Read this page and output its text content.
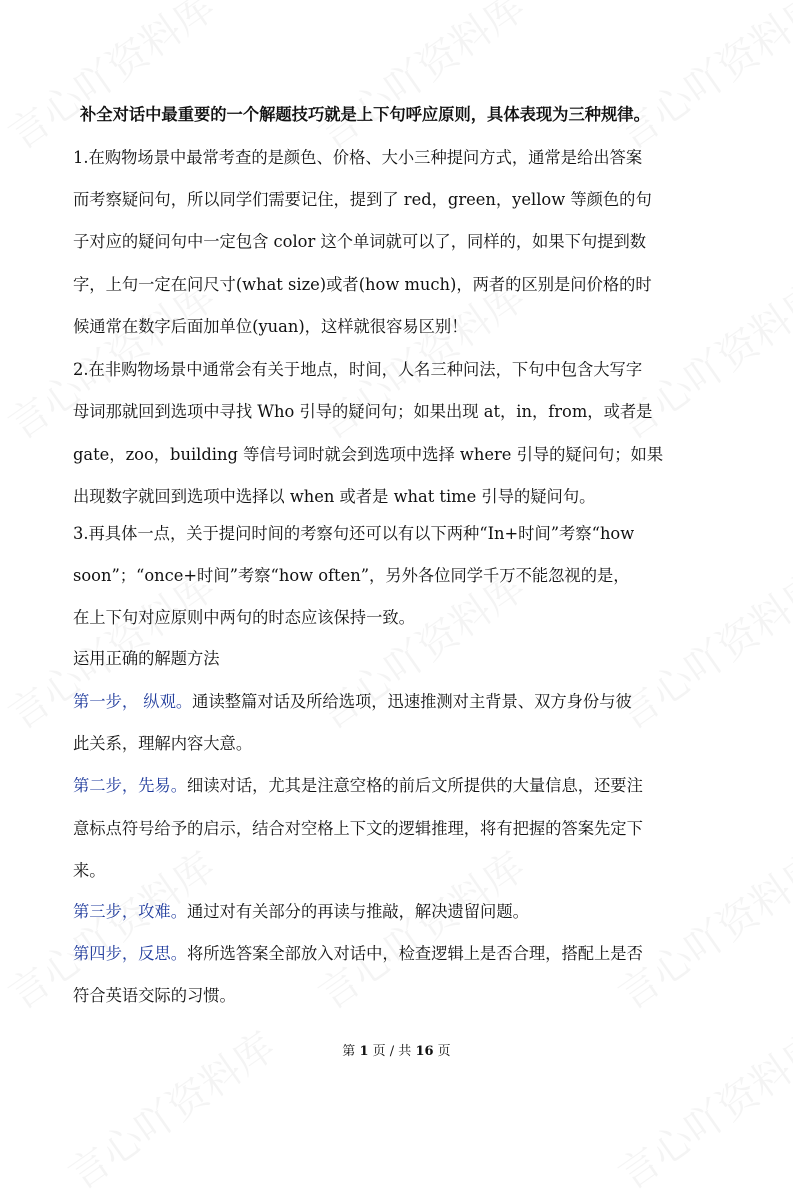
补全对话中最重要的一个解题技巧就是上下句呼应原则，具体表现为三种规律。
1.在购物场景中最常考查的是颜色、价格、大小三种提问方式，通常是给出答案
而考察疑问句，所以同学们需要记住，提到了 red，green，yellow 等颜色的句
子对应的疑问句中一定包含 color 这个单词就可以了，同样的，如果下句提到数
字，上句一定在问尺寸(what size)或者(how much)，两者的区别是问价格的时
候通常在数字后面加单位(yuan)，这样就很容易区别！
2.在非购物场景中通常会有关于地点，时间，人名三种问法，下句中包含大写字
母词那就回到选项中寻找 Who 引导的疑问句；如果出现 at，in，from，或者是
gate，zoo，building 等信号词时就会到选项中选择 where 引导的疑问句；如果
出现数字就回到选项中选择以 when 或者是 what time 引导的疑问句。
3.再具体一点，关于提问时间的考察句还可以有以下两种“In+时间”考察“how
soon”；“once+时间”考察“how often”，另外各位同学千万不能忽视的是，
在上下句对应原则中两句的时态应该保持一致。
运用正确的解题方法
第一步， 纵观。通读整篇对话及所给选项，迅速推测对主背景、双方身份与彼
此关系，理解内容大意。
第二步，先易。细读对话，尤其是注意空格的前后文所提供的大量信息，还要注
意标点符号给予的启示，结合对空格上下文的逻辑推理，将有把握的答案先定下
来。
第三步，攻难。通过对有关部分的再读与推敲，解决遗留问题。
第四步，反思。将所选答案全部放入对话中，检查逻辑上是否合理，搭配上是否
符合英语交际的习惯。
第 1 页 / 共 16 页
